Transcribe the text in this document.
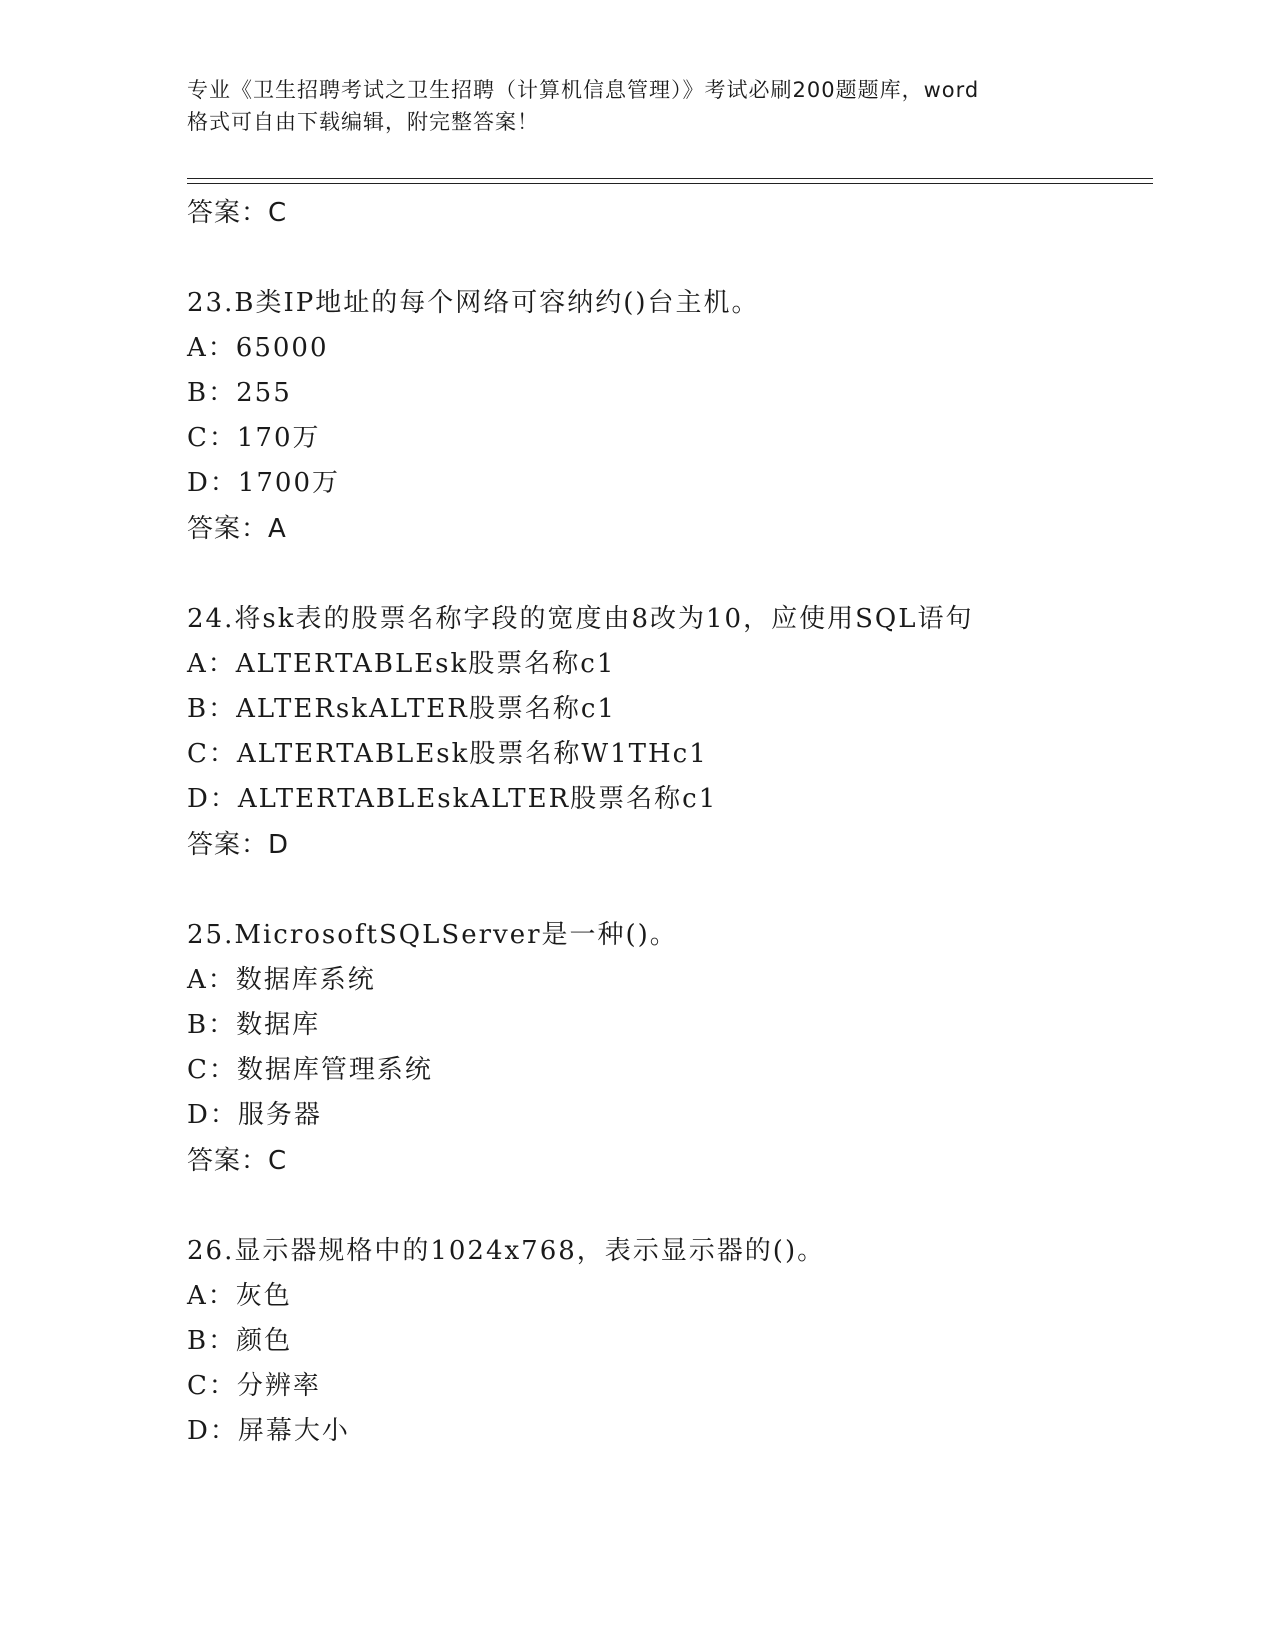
专业《卫生招聘考试之卫生招聘（计算机信息管理）》考试必刷200题题库，word
格式可自由下载编辑，附完整答案！
答案：C
23.B类IP地址的每个网络可容纳约()台主机。
A：65000
B：255
C：170万
D：1700万
答案：A
24.将sk表的股票名称字段的宽度由8改为10，应使用SQL语句
A：ALTERTABLEsk股票名称c1
B：ALTERskALTER股票名称c1
C：ALTERTABLEsk股票名称W1THc1
D：ALTERTABLEskALTER股票名称c1
答案：D
25.MicrosoftSQLServer是一种()。
A：数据库系统
B：数据库
C：数据库管理系统
D：服务器
答案：C
26.显示器规格中的1024x768，表示显示器的()。
A：灰色
B：颜色
C：分辨率
D：屏幕大小
